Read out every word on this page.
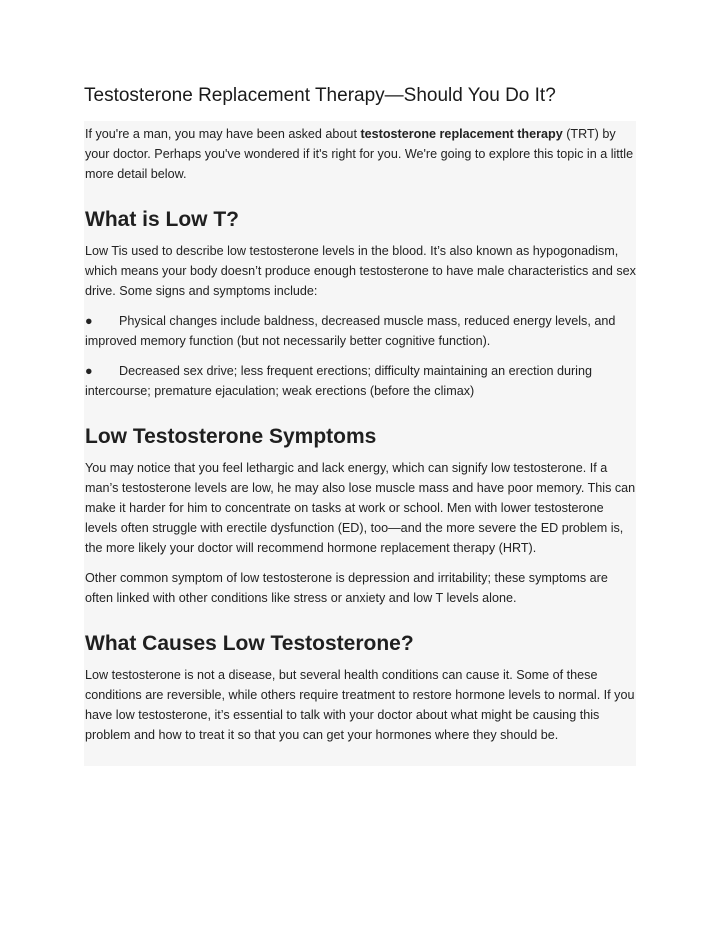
Testosterone Replacement Therapy—Should You Do It?

If you're a man, you may have been asked about testosterone replacement therapy (TRT) by your doctor. Perhaps you've wondered if it's right for you. We're going to explore this topic in a little more detail below.

What is Low T?

Low Tis used to describe low testosterone levels in the blood. It’s also known as hypogonadism, which means your body doesn’t produce enough testosterone to have male characteristics and sex drive. Some signs and symptoms include:

● Physical changes include baldness, decreased muscle mass, reduced energy levels, and improved memory function (but not necessarily better cognitive function).

● Decreased sex drive; less frequent erections; difficulty maintaining an erection during intercourse; premature ejaculation; weak erections (before the climax)

Low Testosterone Symptoms

You may notice that you feel lethargic and lack energy, which can signify low testosterone. If a man’s testosterone levels are low, he may also lose muscle mass and have poor memory. This can make it harder for him to concentrate on tasks at work or school. Men with lower testosterone levels often struggle with erectile dysfunction (ED), too—and the more severe the ED problem is, the more likely your doctor will recommend hormone replacement therapy (HRT).

Other common symptom of low testosterone is depression and irritability; these symptoms are often linked with other conditions like stress or anxiety and low T levels alone.

What Causes Low Testosterone?

Low testosterone is not a disease, but several health conditions can cause it. Some of these conditions are reversible, while others require treatment to restore hormone levels to normal. If you have low testosterone, it’s essential to talk with your doctor about what might be causing this problem and how to treat it so that you can get your hormones where they should be.
